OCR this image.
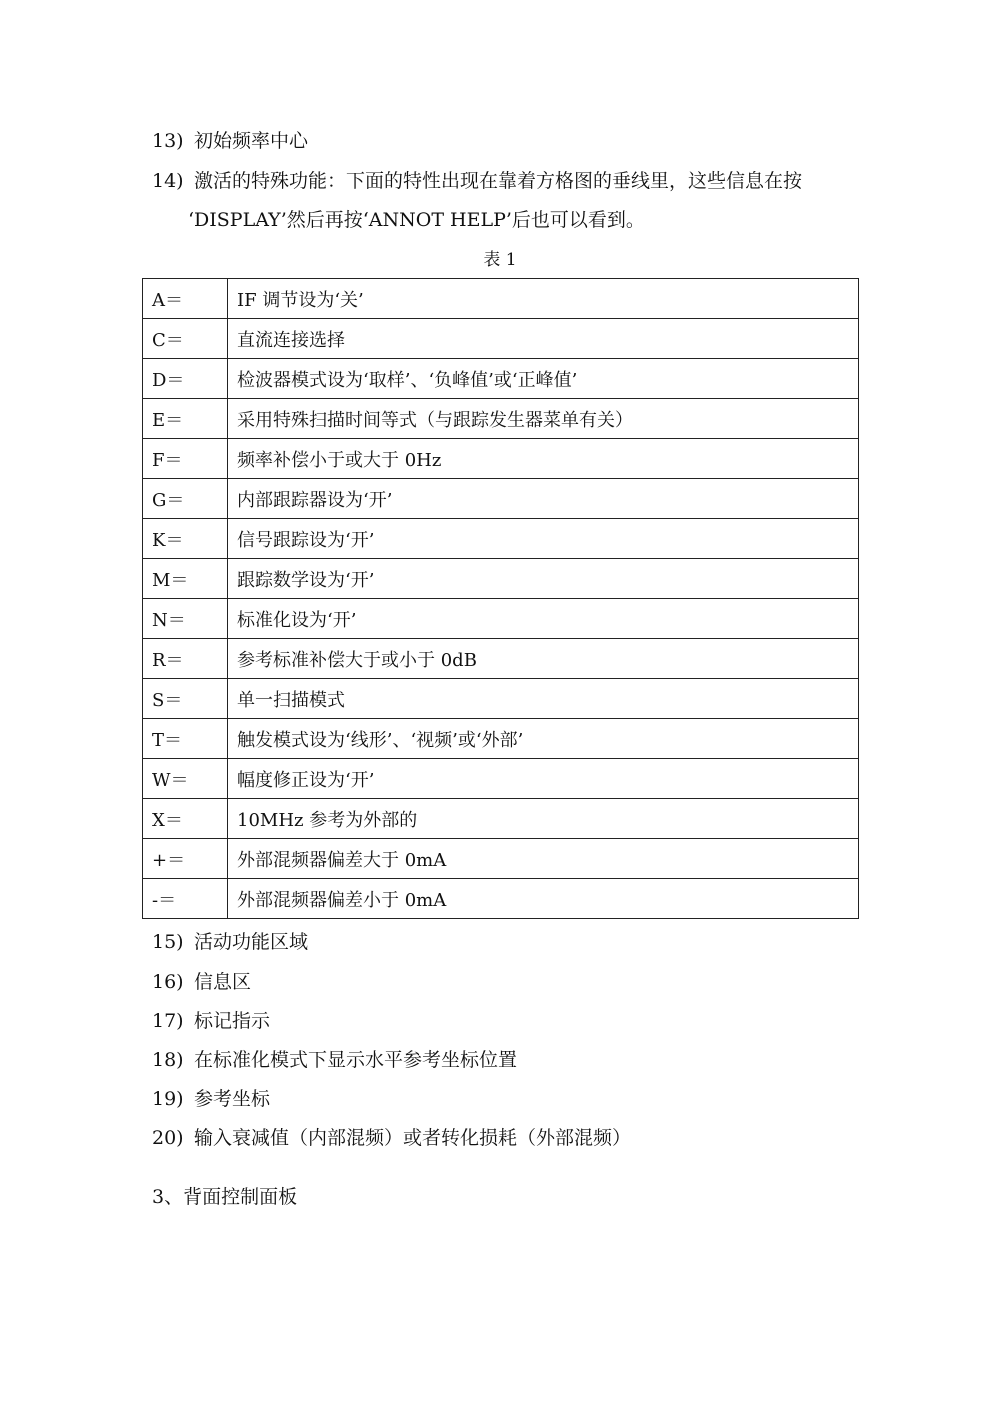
13) 初始频率中心
14) 激活的特殊功能：下面的特性出现在靠着方格图的垂线里，这些信息在按
‘DISPLAY’然后再按‘ANNOT HELP’后也可以看到。
表 1
A＝	IF 调节设为‘关’
C＝	直流连接选择
D＝	检波器模式设为‘取样’、‘负峰值’或‘正峰值’
E＝	采用特殊扫描时间等式（与跟踪发生器菜单有关）
F＝	频率补偿小于或大于 0Hz
G＝	内部跟踪器设为‘开’
K＝	信号跟踪设为‘开’
M＝	跟踪数学设为‘开’
N＝	标准化设为‘开’
R＝	参考标准补偿大于或小于 0dB
S＝	单一扫描模式
T＝	触发模式设为‘线形’、‘视频’或‘外部’
W＝	幅度修正设为‘开’
X＝	10MHz 参考为外部的
+＝	外部混频器偏差大于 0mA
-＝	外部混频器偏差小于 0mA
15) 活动功能区域
16) 信息区
17) 标记指示
18) 在标准化模式下显示水平参考坐标位置
19) 参考坐标
20) 输入衰减值（内部混频）或者转化损耗（外部混频）
3、背面控制面板
